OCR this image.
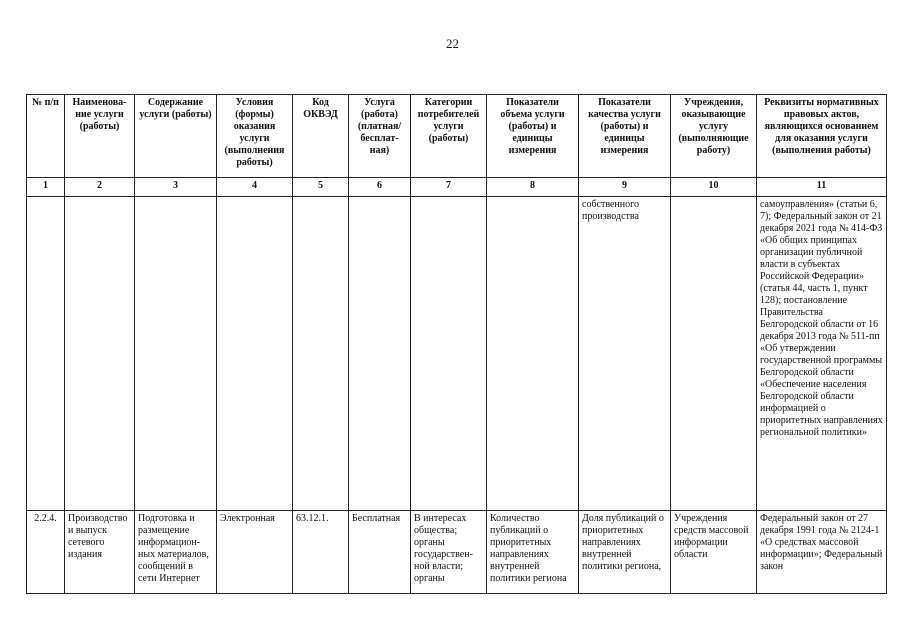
22
№ п/п	Наименова-ние услуги (работы)	Содержание услуги (работы)	Условия (формы) оказания услуги (выполнения работы)	Код ОКВЭД	Услуга (работа) (платная/ бесплат-ная)	Категории потребителей услуги (работы)	Показатели объема услуги (работы) и единицы измерения	Показатели качества услуги (работы) и единицы измерения	Учреждения, оказывающие услугу (выполняющие работу)	Реквизиты нормативных правовых актов, являющихся основанием для оказания услуги (выполнения работы)
1	2	3	4	5	6	7	8	9	10	11
								собственного производства		самоуправления» (статьи 6, 7); Федеральный закон от 21 декабря 2021 года № 414-ФЗ «Об общих принципах организации публичной власти в субъектах Российской Федерации» (статья 44, часть 1, пункт 128); постановление Правительства Белгородской области от 16 декабря 2013 года № 511-пп «Об утверждении государственной программы Белгородской области «Обеспечение населения Белгородской области информацией о приоритетных направлениях региональной политики»
2.2.4.	Производство и выпуск сетевого издания	Подготовка и размещение информацион-ных материалов, сообщений в сети Интернет	Электронная	63.12.1.	Бесплатная	В интересах общества; органы государствен-ной власти; органы	Количество публикаций о приоритетных направлениях внутренней политики региона	Доля публикаций о приоритетных направлениях внутренней политики региона,	Учреждения средств массовой информации области	Федеральный закон от 27 декабря 1991 года № 2124-1 «О средствах массовой информации»; Федеральный закон
